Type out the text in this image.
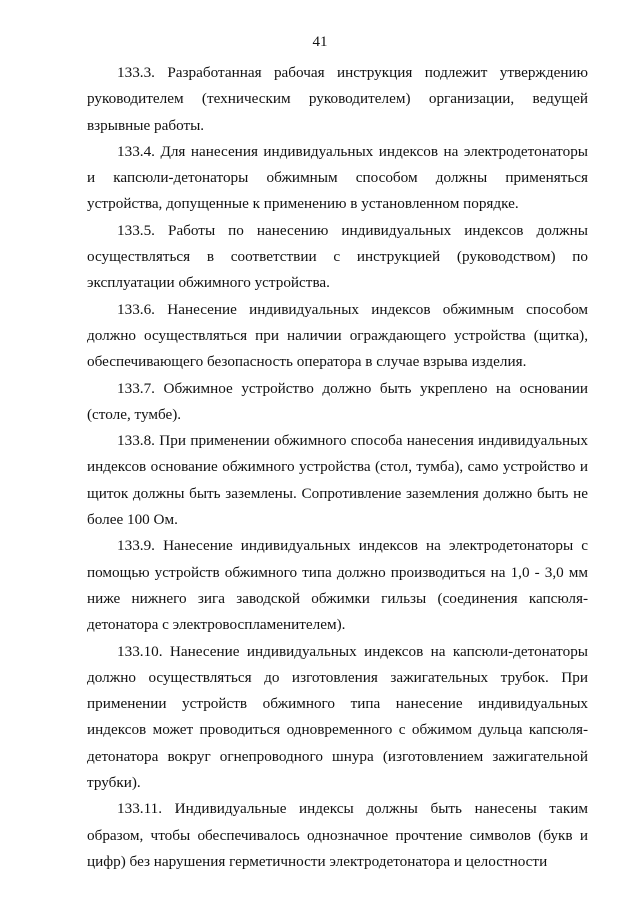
41

133.3. Разработанная рабочая инструкция подлежит утверждению руководителем (техническим руководителем) организации, ведущей взрывные работы.

133.4. Для нанесения индивидуальных индексов на электродетонаторы и капсюли-детонаторы обжимным способом должны применяться устройства, допущенные к применению в установленном порядке.

133.5. Работы по нанесению индивидуальных индексов должны осуществляться в соответствии с инструкцией (руководством) по эксплуатации обжимного устройства.

133.6. Нанесение индивидуальных индексов обжимным способом должно осуществляться при наличии ограждающего устройства (щитка), обеспечивающего безопасность оператора в случае взрыва изделия.

133.7. Обжимное устройство должно быть укреплено на основании (столе, тумбе).

133.8. При применении обжимного способа нанесения индивидуальных индексов основание обжимного устройства (стол, тумба), само устройство и щиток должны быть заземлены. Сопротивление заземления должно быть не более 100 Ом.

133.9. Нанесение индивидуальных индексов на электродетонаторы с помощью устройств обжимного типа должно производиться на 1,0 - 3,0 мм ниже нижнего зига заводской обжимки гильзы (соединения капсюля-детонатора с электровоспламенителем).

133.10. Нанесение индивидуальных индексов на капсюли-детонаторы должно осуществляться до изготовления зажигательных трубок. При применении устройств обжимного типа нанесение индивидуальных индексов может проводиться одновременного с обжимом дульца капсюля-детонатора вокруг огнепроводного шнура (изготовлением зажигательной трубки).

133.11. Индивидуальные индексы должны быть нанесены таким образом, чтобы обеспечивалось однозначное прочтение символов (букв и цифр) без нарушения герметичности электродетонатора и целостности
